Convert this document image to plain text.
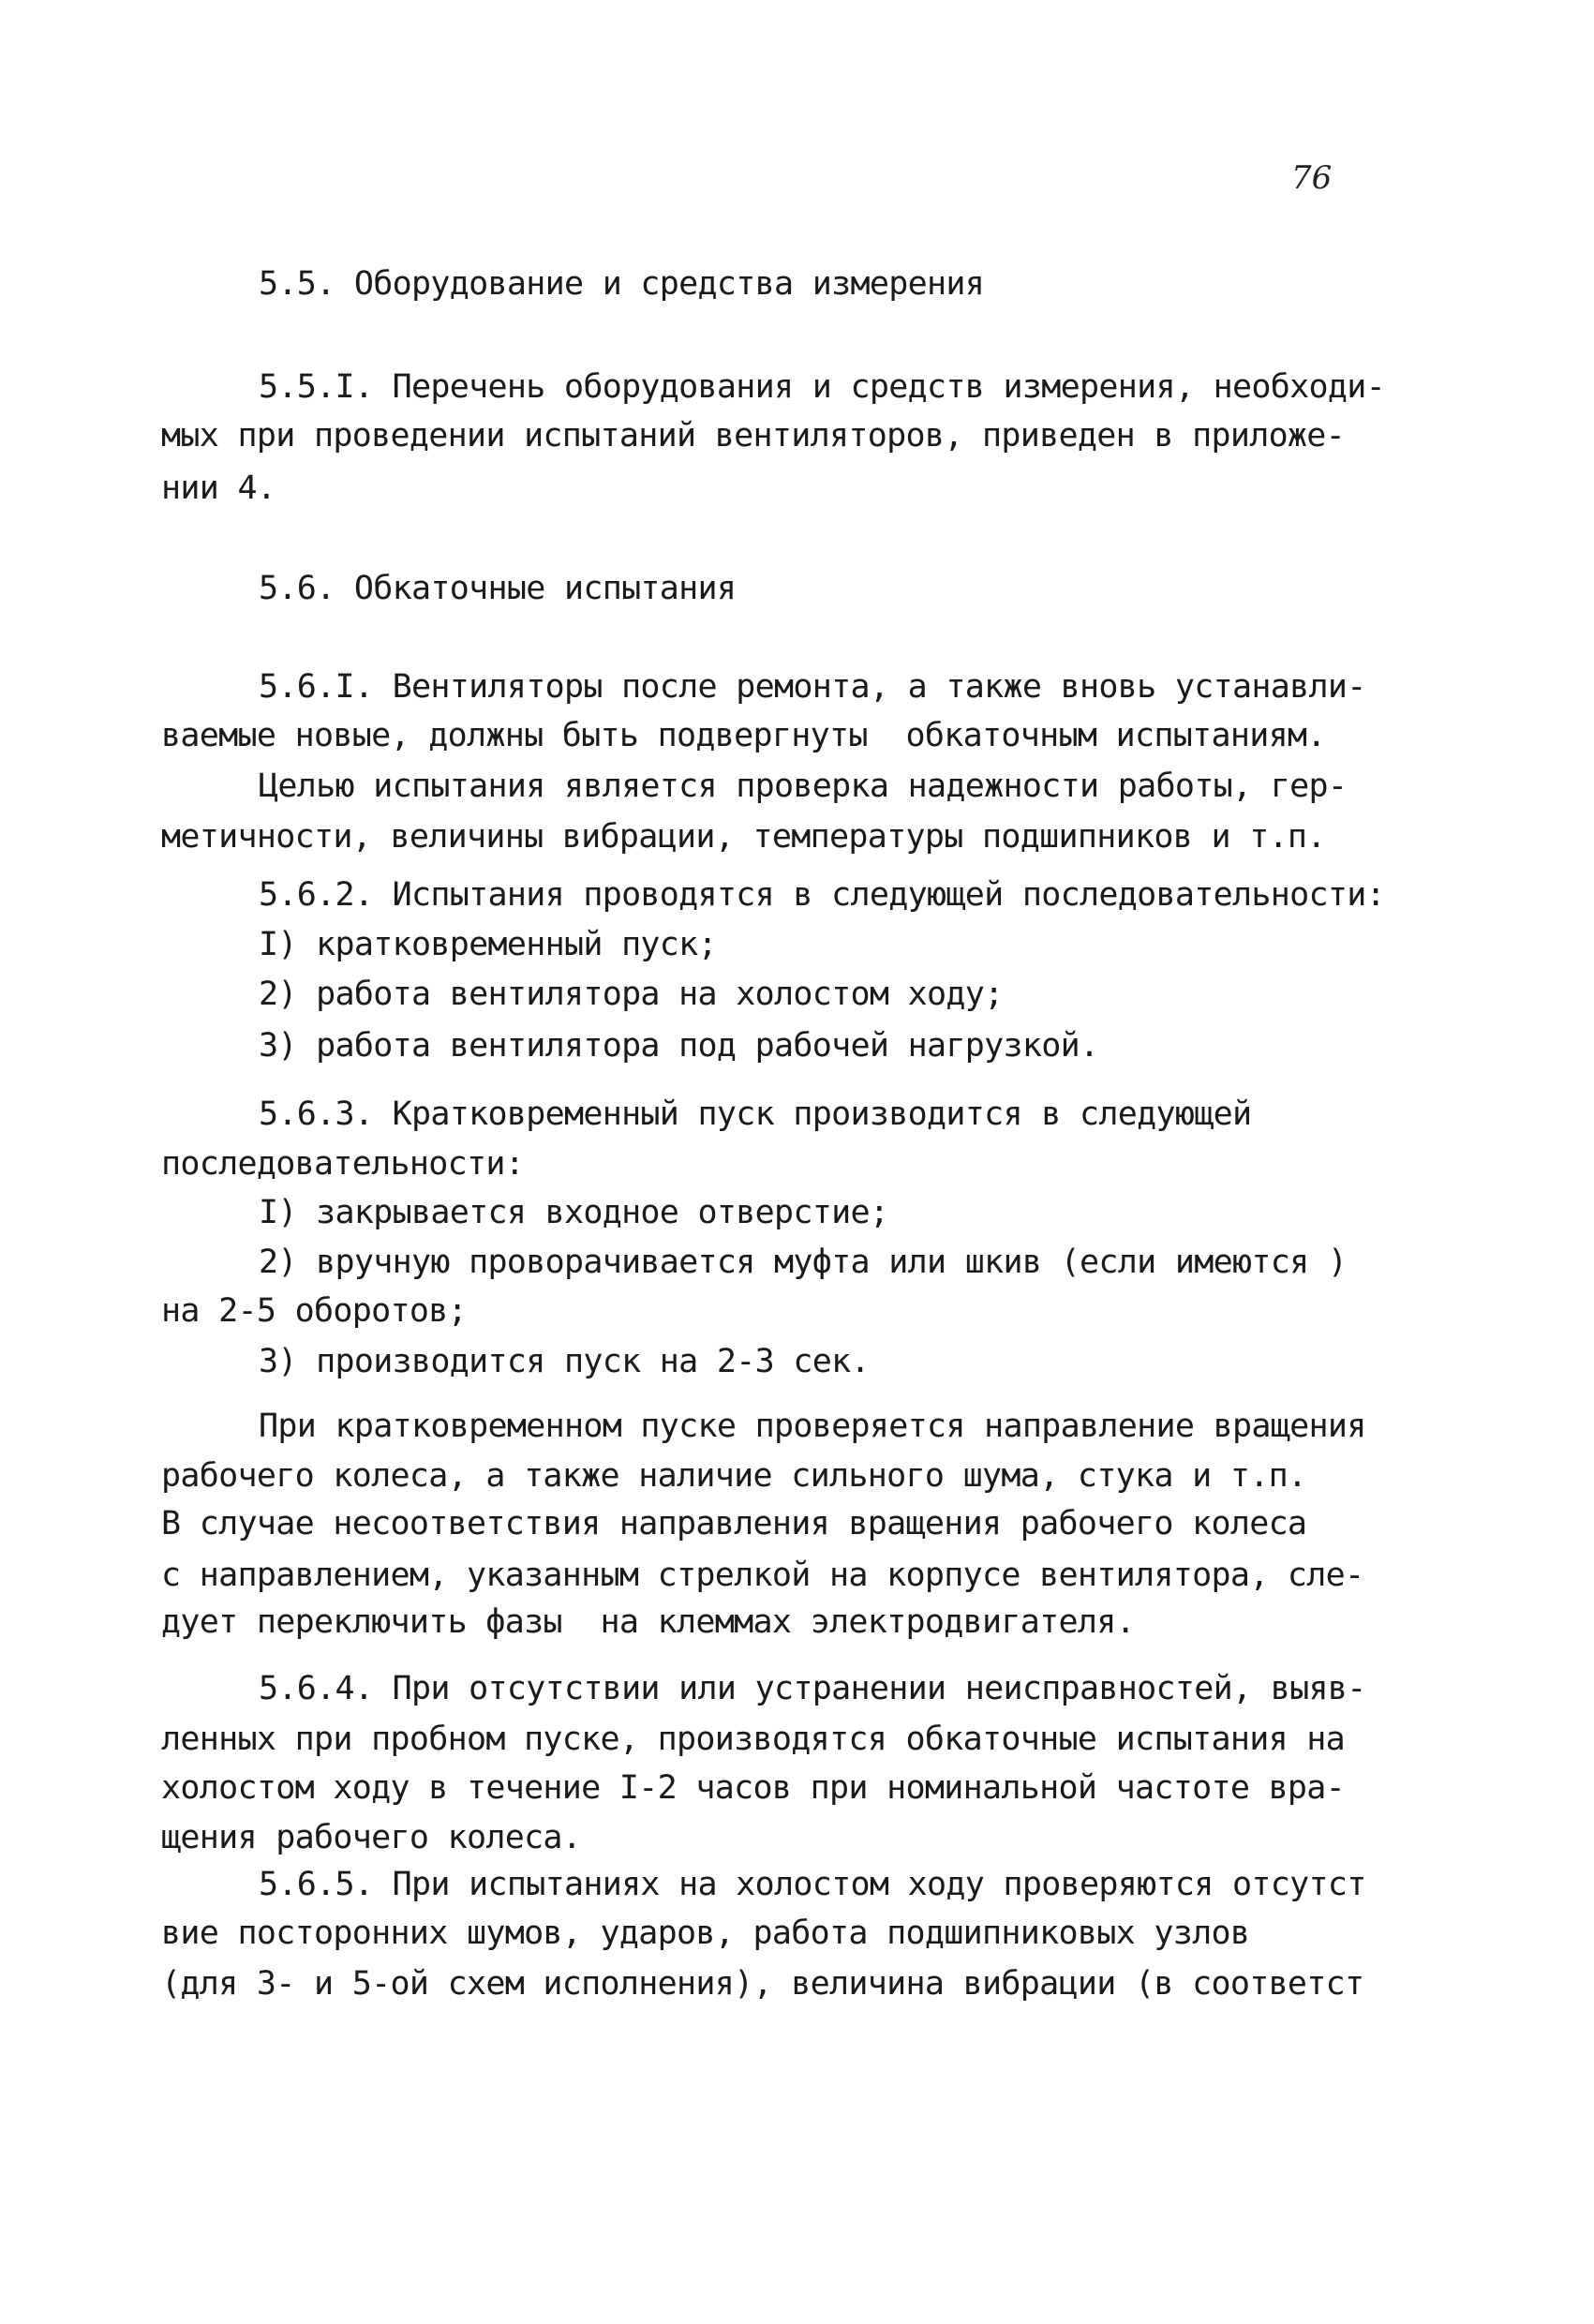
76
5.5. Оборудование и средства измерения
5.5.I. Перечень оборудования и средств измерения, необходи-
мых при проведении испытаний вентиляторов, приведен в приложе-
нии 4.
5.6. Обкаточные испытания
5.6.I. Вентиляторы после ремонта, а также вновь устанавли-
ваемые новые, должны быть подвергнуты  обкаточным испытаниям.
Целью испытания является проверка надежности работы, гер-
метичности, величины вибрации, температуры подшипников и т.п.
5.6.2. Испытания проводятся в следующей последовательности:
I) кратковременный пуск;
2) работа вентилятора на холостом ходу;
3) работа вентилятора под рабочей нагрузкой.
5.6.3. Кратковременный пуск производится в следующей
последовательности:
I) закрывается входное отверстие;
2) вручную проворачивается муфта или шкив (если имеются )
на 2-5 оборотов;
3) производится пуск на 2-3 сек.
При кратковременном пуске проверяется направление вращения
рабочего колеса, а также наличие сильного шума, стука и т.п.
В случае несоответствия направления вращения рабочего колеса
с направлением, указанным стрелкой на корпусе вентилятора, сле-
дует переключить фазы  на клеммах электродвигателя.
5.6.4. При отсутствии или устранении неисправностей, выяв-
ленных при пробном пуске, производятся обкаточные испытания на
холостом ходу в течение I-2 часов при номинальной частоте вра-
щения рабочего колеса.
5.6.5. При испытаниях на холостом ходу проверяются отсутст
вие посторонних шумов, ударов, работа подшипниковых узлов
(для 3- и 5-ой схем исполнения), величина вибрации (в соответст
